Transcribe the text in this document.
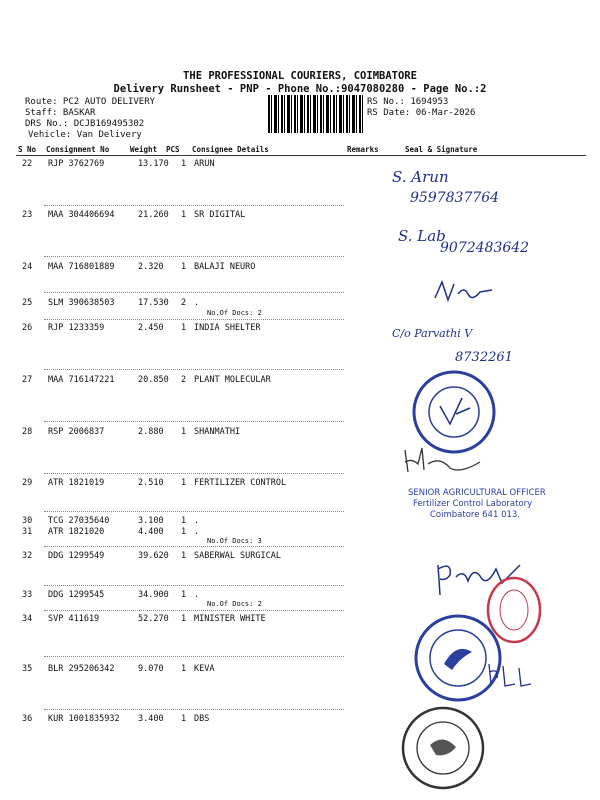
THE PROFESSIONAL COURIERS, COIMBATORE
Delivery Runsheet - PNP - Phone No.:9047080280 - Page No.:2
Route: PC2 AUTO DELIVERY
Staff: BASKAR
DRS No.: DCJB169495302
Vehicle: Van Delivery
RS No.: 1694953
RS Date: 06-Mar-2026
S No Consignment No	Weight PCS Consignee Details	Remarks	Seal & Signature
22 RJP 3762769	13.170 1 ARUN
23 MAA 304406694	21.260 1 SR DIGITAL
24 MAA 716801889	2.320 1 BALAJI NEURO
25 SLM 390638503	17.530 2 .
No.Of Docs: 2
26 RJP 1233359	2.450 1 INDIA SHELTER
27 MAA 716147221	20.850 2 PLANT MOLECULAR
28 RSP 2006837	2.880 1 SHANMATHI
29 ATR 1821019	2.510 1 FERTILIZER CONTROL
30 TCG 27035640	3.100 1 .
31 ATR 1821020	4.400 1 .
No.Of Docs: 3
32 DDG 1299549	39.620 1 SABERWAL SURGICAL
33 DDG 1299545	34.900 1 .
No.Of Docs: 2
34 SVP 411619	52.270 1 MINISTER WHITE
35 BLR 295206342	9.070 1 KEVA
36 KUR 1001835932 3.400 1 DBS
S. Arun
9597837764
S. Lab
9072483642
C/o Parvathi V
8732261
SENIOR AGRICULTURAL OFFICER
Fertilizer Control Laboratory
Coimbatore 641 013.
